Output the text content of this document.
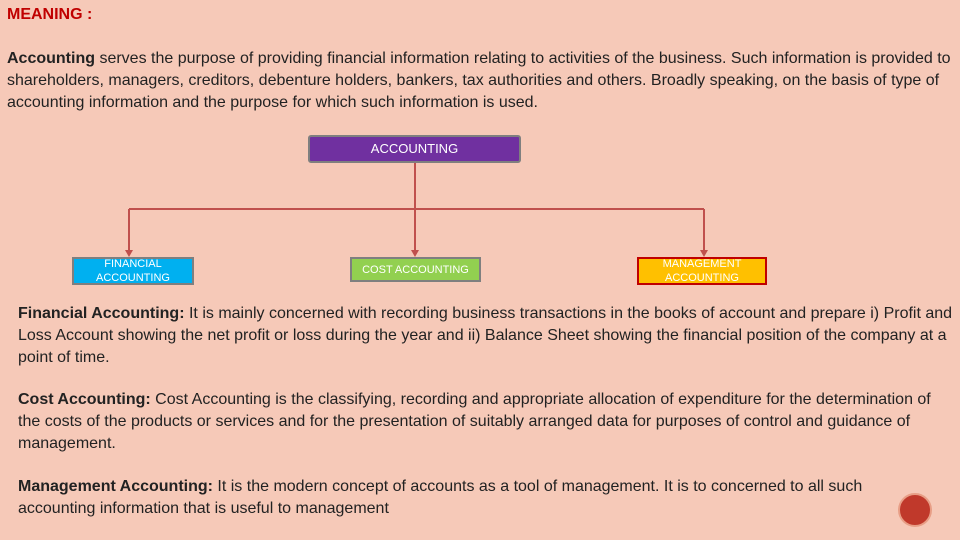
MEANING :

Accounting serves the purpose of providing financial information relating to activities of the business. Such information is provided to shareholders, managers, creditors, debenture holders, bankers, tax authorities and others. Broadly speaking, on the basis of type of accounting information and the purpose for which such information is used.

ACCOUNTING
FINANCIAL ACCOUNTING
COST ACCOUNTING	MANAGEMENT ACCOUNTING

Financial Accounting: It is mainly concerned with recording business transactions in the books of account and prepare i) Profit and Loss Account showing the net profit or loss during the year and ii) Balance Sheet showing the financial position of the company at a point of time.

Cost Accounting: Cost Accounting is the classifying, recording and appropriate allocation of expenditure for the determination of the costs of the products or services and for the presentation of suitably arranged data for purposes of control and guidance of management.

Management Accounting: It is the modern concept of accounts as a tool of management. It is to concerned to all such accounting information that is useful to management
